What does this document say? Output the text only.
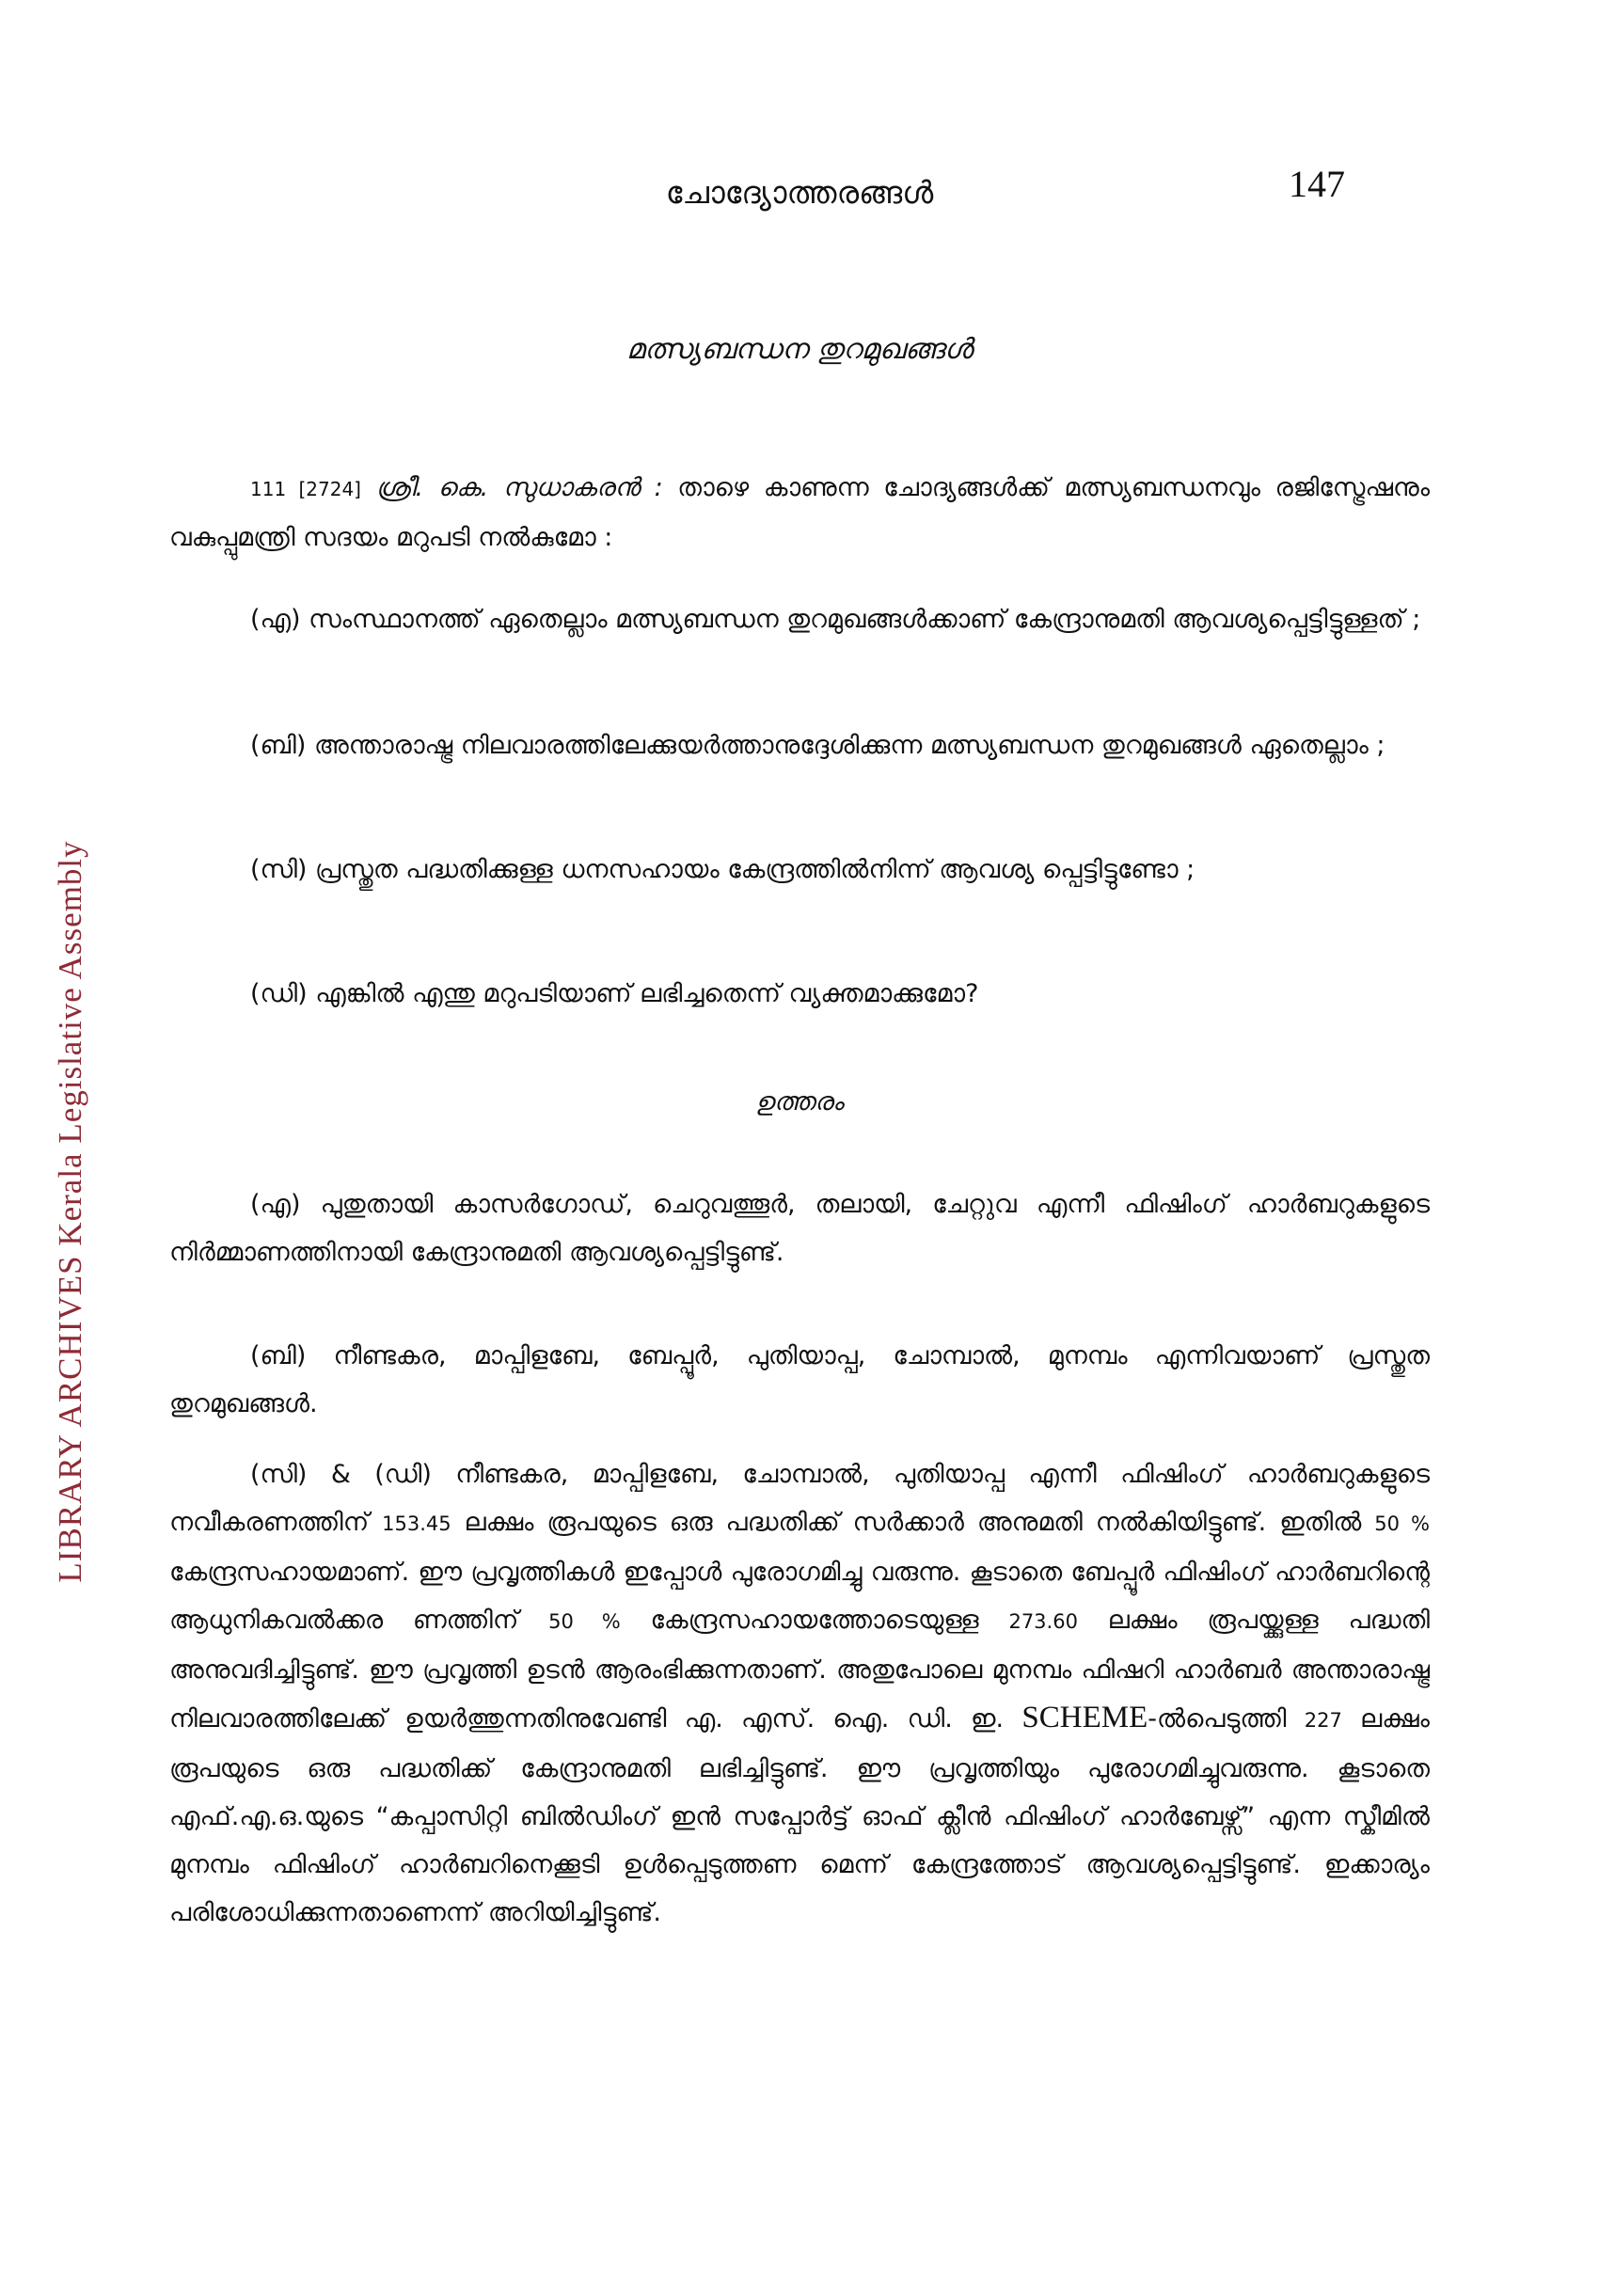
LIBRARY ARCHIVES Kerala Legislative Assembly
ചോദ്യോത്തരങ്ങൾ	147
മത്സ്യബന്ധന തുറമുഖങ്ങൾ
111 [2724] ശ്രീ. കെ. സുധാകരൻ : താഴെ കാണുന്ന ചോദ്യങ്ങൾക്ക് മത്സ്യബന്ധനവും രജിസ്ട്രേഷനും വകുപ്പുമന്ത്രി സദയം മറുപടി നൽകുമോ :
(എ) സംസ്ഥാനത്ത് ഏതെല്ലാം മത്സ്യബന്ധന തുറമുഖങ്ങൾക്കാണ് കേന്ദ്രാനുമതി ആവശ്യപ്പെട്ടിട്ടുള്ളത് ;
(ബി) അന്താരാഷ്ട്ര നിലവാരത്തിലേക്കുയർത്താനുദ്ദേശിക്കുന്ന മത്സ്യബന്ധന തുറമുഖങ്ങൾ ഏതെല്ലാം ;
(സി) പ്രസ്തുത പദ്ധതിക്കുള്ള ധനസഹായം കേന്ദ്രത്തിൽനിന്ന് ആവശ്യ പ്പെട്ടിട്ടുണ്ടോ ;
(ഡി) എങ്കിൽ എന്തു മറുപടിയാണ് ലഭിച്ചതെന്ന് വ്യക്തമാക്കുമോ?
ഉത്തരം
(എ) പുതുതായി കാസർഗോഡ്, ചെറുവത്തൂർ, തലായി, ചേറ്റുവ എന്നീ ഫിഷിംഗ് ഹാർബറുകളുടെ നിർമ്മാണത്തിനായി കേന്ദ്രാനുമതി ആവശ്യപ്പെട്ടിട്ടുണ്ട്.
(ബി) നീണ്ടകര, മാപ്പിളബേ, ബേപ്പൂർ, പുതിയാപ്പ, ചോമ്പാൽ, മുനമ്പം എന്നിവയാണ് പ്രസ്തുത തുറമുഖങ്ങൾ.
(സി) & (ഡി) നീണ്ടകര, മാപ്പിളബേ, ചോമ്പാൽ, പുതിയാപ്പ എന്നീ ഫിഷിംഗ് ഹാർബറുകളുടെ നവീകരണത്തിന് 153.45 ലക്ഷം രൂപയുടെ ഒരു പദ്ധതിക്ക് സർക്കാർ അനുമതി നൽകിയിട്ടുണ്ട്. ഇതിൽ 50 % കേന്ദ്രസഹായമാണ്. ഈ പ്രവൃത്തികൾ ഇപ്പോൾ പുരോഗമിച്ചു വരുന്നു. കൂടാതെ ബേപ്പൂർ ഫിഷിംഗ് ഹാർബറിന്റെ ആധുനികവൽക്കര ണത്തിന് 50 % കേന്ദ്രസഹായത്തോടെയുള്ള 273.60 ലക്ഷം രൂപയ്ക്കുള്ള പദ്ധതി അനുവദിച്ചിട്ടുണ്ട്. ഈ പ്രവൃത്തി ഉടൻ ആരംഭിക്കുന്നതാണ്. അതുപോലെ മുനമ്പം ഫിഷറി ഹാർബർ അന്താരാഷ്ട്ര നിലവാരത്തിലേക്ക് ഉയർത്തുന്നതിനുവേണ്ടി എ. എസ്. ഐ. ഡി. ഇ. SCHEME-ൽപെടുത്തി 227 ലക്ഷം രൂപയുടെ ഒരു പദ്ധതിക്ക് കേന്ദ്രാനുമതി ലഭിച്ചിട്ടുണ്ട്. ഈ പ്രവൃത്തിയും പുരോഗമിച്ചുവരുന്നു. കൂടാതെ എഫ്.എ.ഒ.യുടെ “കപ്പാസിറ്റി ബിൽഡിംഗ് ഇൻ സപ്പോർട്ട് ഓഫ് ക്ലീൻ ഫിഷിംഗ് ഹാർബേഴ്സ്” എന്ന സ്കീമിൽ മുനമ്പം ഫിഷിംഗ് ഹാർബറിനെക്കൂടി ഉൾപ്പെടുത്തണ മെന്ന് കേന്ദ്രത്തോട് ആവശ്യപ്പെട്ടിട്ടുണ്ട്. ഇക്കാര്യം പരിശോധിക്കുന്നതാണെന്ന് അറിയിച്ചിട്ടുണ്ട്.
